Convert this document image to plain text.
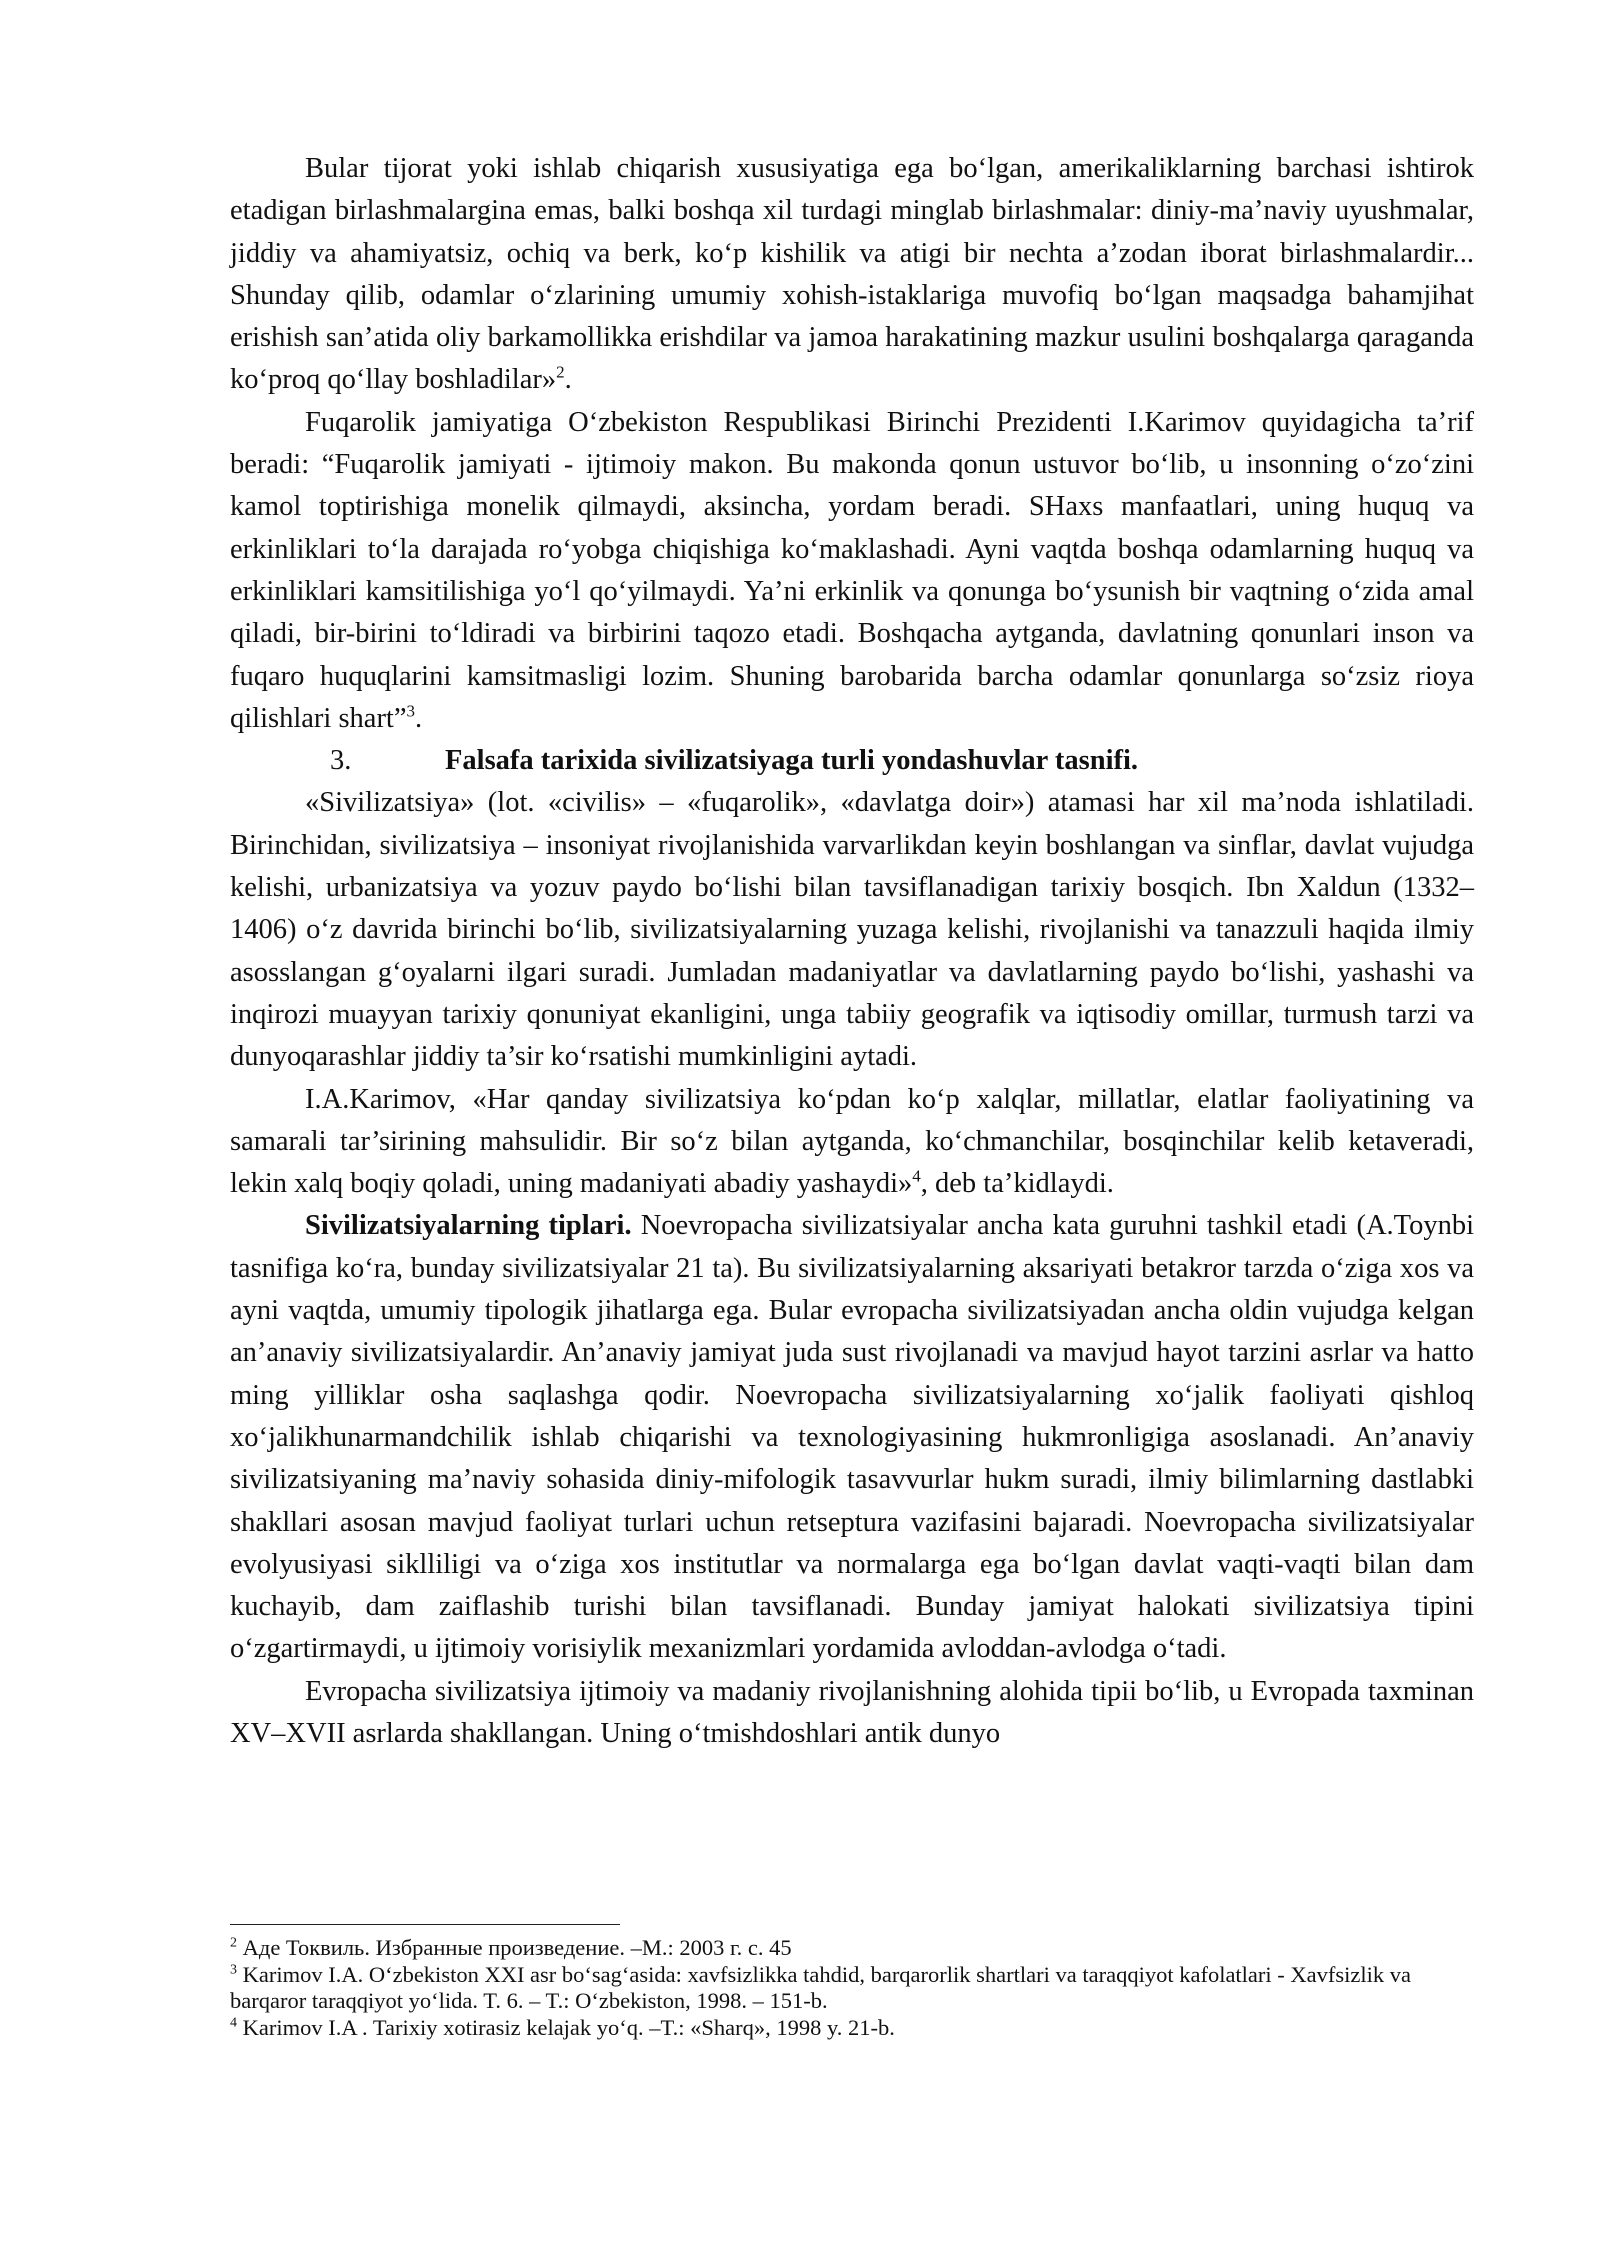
Bular tijorat yoki ishlab chiqarish xususiyatiga ega bo‘lgan, amerikaliklarning barchasi ishtirok etadigan birlashmalargina emas, balki boshqa xil turdagi minglab birlashmalar: diniy-ma’naviy uyushmalar, jiddiy va ahamiyatsiz, ochiq va berk, ko‘p kishilik va atigi bir nechta a’zodan iborat birlashmalardir... Shunday qilib, odamlar o‘zlarining umumiy xohish-istaklariga muvofiq bo‘lgan maqsadga bahamjihat erishish san’atida oliy barkamollikka erishdilar va jamoa harakatining mazkur usulini boshqalarga qaraganda ko‘proq qo‘llay boshladilar»$^2$.

Fuqarolik jamiyatiga O‘zbekiston Respublikasi Birinchi Prezidenti I.Karimov quyidagicha ta’rif beradi: “Fuqarolik jamiyati - ijtimoiy makon. Bu makonda qonun ustuvor bo‘lib, u insonning o‘zo‘zini kamol toptirishiga monelik qilmaydi, aksincha, yordam beradi. SHaxs manfaatlari, uning huquq va erkinliklari to‘la darajada ro‘yobga chiqishiga ko‘maklashadi. Ayni vaqtda boshqa odamlarning huquq va erkinliklari kamsitilishiga yo‘l qo‘yilmaydi. Ya’ni erkinlik va qonunga bo‘ysunish bir vaqtning o‘zida amal qiladi, bir-birini to‘ldiradi va birbirini taqozo etadi. Boshqacha aytganda, davlatning qonunlari inson va fuqaro huquqlarini kamsitmasligi lozim. Shuning barobarida barcha odamlar qonunlarga so‘zsiz rioya qilishlari shart”$^3$.

3.	Falsafa tarixida sivilizatsiyaga turli yondashuvlar tasnifi.

«Sivilizatsiya» (lot. «civilis» – «fuqarolik», «davlatga doir») atamasi har xil ma’noda ishlatiladi. Birinchidan, sivilizatsiya – insoniyat rivojlanishida varvarlikdan keyin boshlangan va sinflar, davlat vujudga kelishi, urbanizatsiya va yozuv paydo bo‘lishi bilan tavsiflanadigan tarixiy bosqich. Ibn Xaldun (1332–1406) o‘z davrida birinchi bo‘lib, sivilizatsiyalarning yuzaga kelishi, rivojlanishi va tanazzuli haqida ilmiy asosslangan g‘oyalarni ilgari suradi. Jumladan madaniyatlar va davlatlarning paydo bo‘lishi, yashashi va inqirozi muayyan tarixiy qonuniyat ekanligini, unga tabiiy geografik va iqtisodiy omillar, turmush tarzi va dunyoqarashlar jiddiy ta’sir ko‘rsatishi mumkinligini aytadi.

I.A.Karimov, «Har qanday sivilizatsiya ko‘pdan ko‘p xalqlar, millatlar, elatlar faoliyatining va samarali tar’sirining mahsulidir. Bir so‘z bilan aytganda, ko‘chmanchilar, bosqinchilar kelib ketaveradi, lekin xalq boqiy qoladi, uning madaniyati abadiy yashaydi»$^4$, deb ta’kidlaydi.

Sivilizatsiyalarning tiplari. Noevropacha sivilizatsiyalar ancha kata guruhni tashkil etadi (A.Toynbi tasnifiga ko‘ra, bunday sivilizatsiyalar 21 ta). Bu sivilizatsiyalarning aksariyati betakror tarzda o‘ziga xos va ayni vaqtda, umumiy tipologik jihatlarga ega. Bular evropacha sivilizatsiyadan ancha oldin vujudga kelgan an’anaviy sivilizatsiyalardir. An’anaviy jamiyat juda sust rivojlanadi va mavjud hayot tarzini asrlar va hatto ming yilliklar osha saqlashga qodir. Noevropacha sivilizatsiyalarning xo‘jalik faoliyati qishloq xo‘jalikhunarmandchilik ishlab chiqarishi va texnologiyasining hukmronligiga asoslanadi. An’anaviy sivilizatsiyaning ma’naviy sohasida diniy-mifologik tasavvurlar hukm suradi, ilmiy bilimlarning dastlabki shakllari asosan mavjud faoliyat turlari uchun retseptura vazifasini bajaradi. Noevropacha sivilizatsiyalar evolyusiyasi siklliligi va o‘ziga xos institutlar va normalarga ega bo‘lgan davlat vaqti-vaqti bilan dam kuchayib, dam zaiflashib turishi bilan tavsiflanadi. Bunday jamiyat halokati sivilizatsiya tipini o‘zgartirmaydi, u ijtimoiy vorisiylik mexanizmlari yordamida avloddan-avlodga o‘tadi.

Evropacha sivilizatsiya ijtimoiy va madaniy rivojlanishning alohida tipii bo‘lib, u Evropada taxminan XV–XVII asrlarda shakllangan. Uning o‘tmishdoshlari antik dunyo

$^2$ Аде Токвиль. Избранные произведение. –М.: 2003 г. с. 45

$^3$ Karimov I.A. O‘zbekiston XXI asr bo‘sag‘asida: xavfsizlikka tahdid, barqarorlik shartlari va taraqqiyot kafolatlari - Xavfsizlik va barqaror taraqqiyot yo‘lida. T. 6. – T.: O‘zbekiston, 1998. – 151-b.

$^4$ Karimov I.A . Tarixiy xotirasiz kelajak yo‘q. –T.: «Sharq», 1998 y. 21-b.
